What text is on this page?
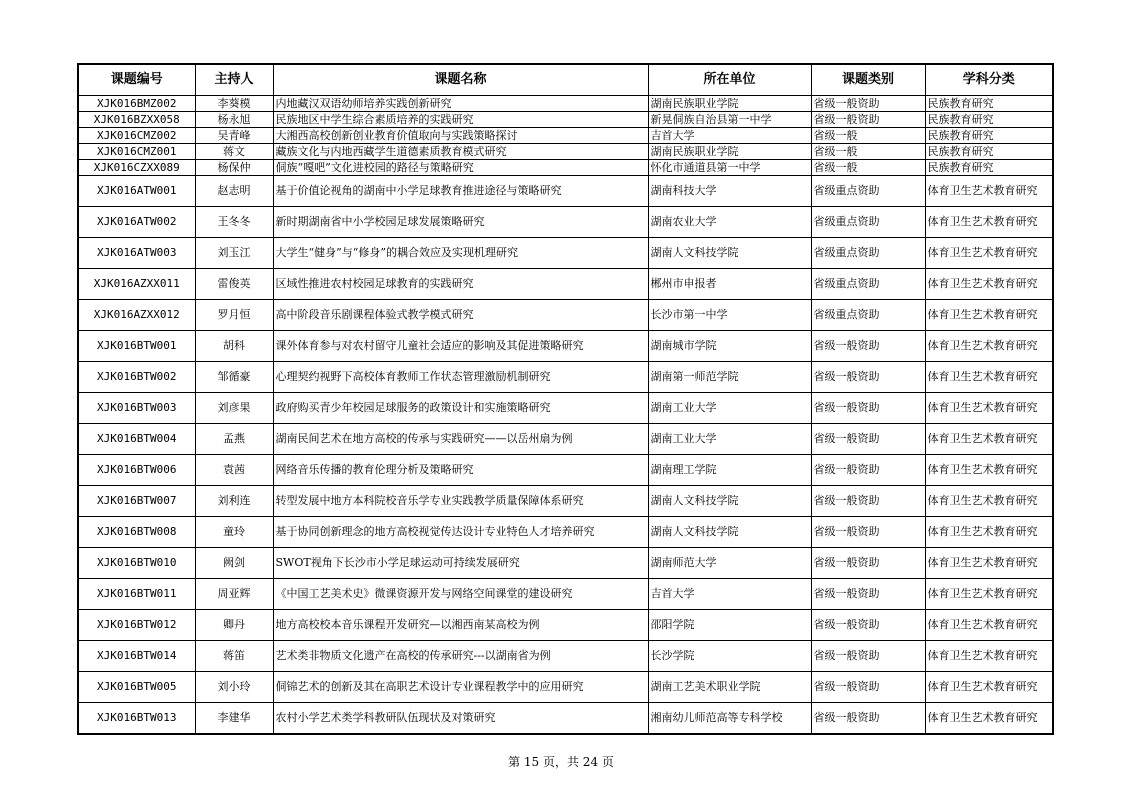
课题编号	主持人	课题名称	所在单位	课题类别	学科分类
XJK016BMZ002	李葵模	内地藏汉双语幼师培养实践创新研究	湖南民族职业学院	省级一般资助	民族教育研究
XJK016BZXX058	杨永旭	民族地区中学生综合素质培养的实践研究	新晃侗族自治县第一中学	省级一般资助	民族教育研究
XJK016CMZ002	吴青峰	大湘西高校创新创业教育价值取向与实践策略探讨	吉首大学	省级一般	民族教育研究
XJK016CMZ001	蒋文	藏族文化与内地西藏学生道德素质教育模式研究	湖南民族职业学院	省级一般	民族教育研究
XJK016CZXX089	杨保仲	侗族“嘎吧”文化进校园的路径与策略研究	怀化市通道县第一中学	省级一般	民族教育研究
XJK016ATW001	赵志明	基于价值论视角的湖南中小学足球教育推进途径与策略研究	湖南科技大学	省级重点资助	体育卫生艺术教育研究
XJK016ATW002	王冬冬	新时期湖南省中小学校园足球发展策略研究	湖南农业大学	省级重点资助	体育卫生艺术教育研究
XJK016ATW003	刘玉江	大学生“健身”与“修身”的耦合效应及实现机理研究	湖南人文科技学院	省级重点资助	体育卫生艺术教育研究
XJK016AZXX011	雷俊英	区域性推进农村校园足球教育的实践研究	郴州市申报者	省级重点资助	体育卫生艺术教育研究
XJK016AZXX012	罗月恒	高中阶段音乐剧课程体验式教学模式研究	长沙市第一中学	省级重点资助	体育卫生艺术教育研究
XJK016BTW001	胡科	课外体育参与对农村留守儿童社会适应的影响及其促进策略研究	湖南城市学院	省级一般资助	体育卫生艺术教育研究
XJK016BTW002	邹循豪	心理契约视野下高校体育教师工作状态管理激励机制研究	湖南第一师范学院	省级一般资助	体育卫生艺术教育研究
XJK016BTW003	刘彦果	政府购买青少年校园足球服务的政策设计和实施策略研究	湖南工业大学	省级一般资助	体育卫生艺术教育研究
XJK016BTW004	孟燕	湖南民间艺术在地方高校的传承与实践研究——以岳州扇为例	湖南工业大学	省级一般资助	体育卫生艺术教育研究
XJK016BTW006	袁茜	网络音乐传播的教育伦理分析及策略研究	湖南理工学院	省级一般资助	体育卫生艺术教育研究
XJK016BTW007	刘利连	转型发展中地方本科院校音乐学专业实践教学质量保障体系研究	湖南人文科技学院	省级一般资助	体育卫生艺术教育研究
XJK016BTW008	童玲	基于协同创新理念的地方高校视觉传达设计专业特色人才培养研究	湖南人文科技学院	省级一般资助	体育卫生艺术教育研究
XJK016BTW010	阙剑	SWOT视角下长沙市小学足球运动可持续发展研究	湖南师范大学	省级一般资助	体育卫生艺术教育研究
XJK016BTW011	周亚辉	《中国工艺美术史》微课资源开发与网络空间课堂的建设研究	吉首大学	省级一般资助	体育卫生艺术教育研究
XJK016BTW012	卿丹	地方高校校本音乐课程开发研究—以湘西南某高校为例	邵阳学院	省级一般资助	体育卫生艺术教育研究
XJK016BTW014	蒋笛	艺术类非物质文化遗产在高校的传承研究---以湖南省为例	长沙学院	省级一般资助	体育卫生艺术教育研究
XJK016BTW005	刘小玲	侗锦艺术的创新及其在高职艺术设计专业课程教学中的应用研究	湖南工艺美术职业学院	省级一般资助	体育卫生艺术教育研究
XJK016BTW013	李建华	农村小学艺术类学科教研队伍现状及对策研究	湘南幼儿师范高等专科学校	省级一般资助	体育卫生艺术教育研究
第 15 页，共 24 页
